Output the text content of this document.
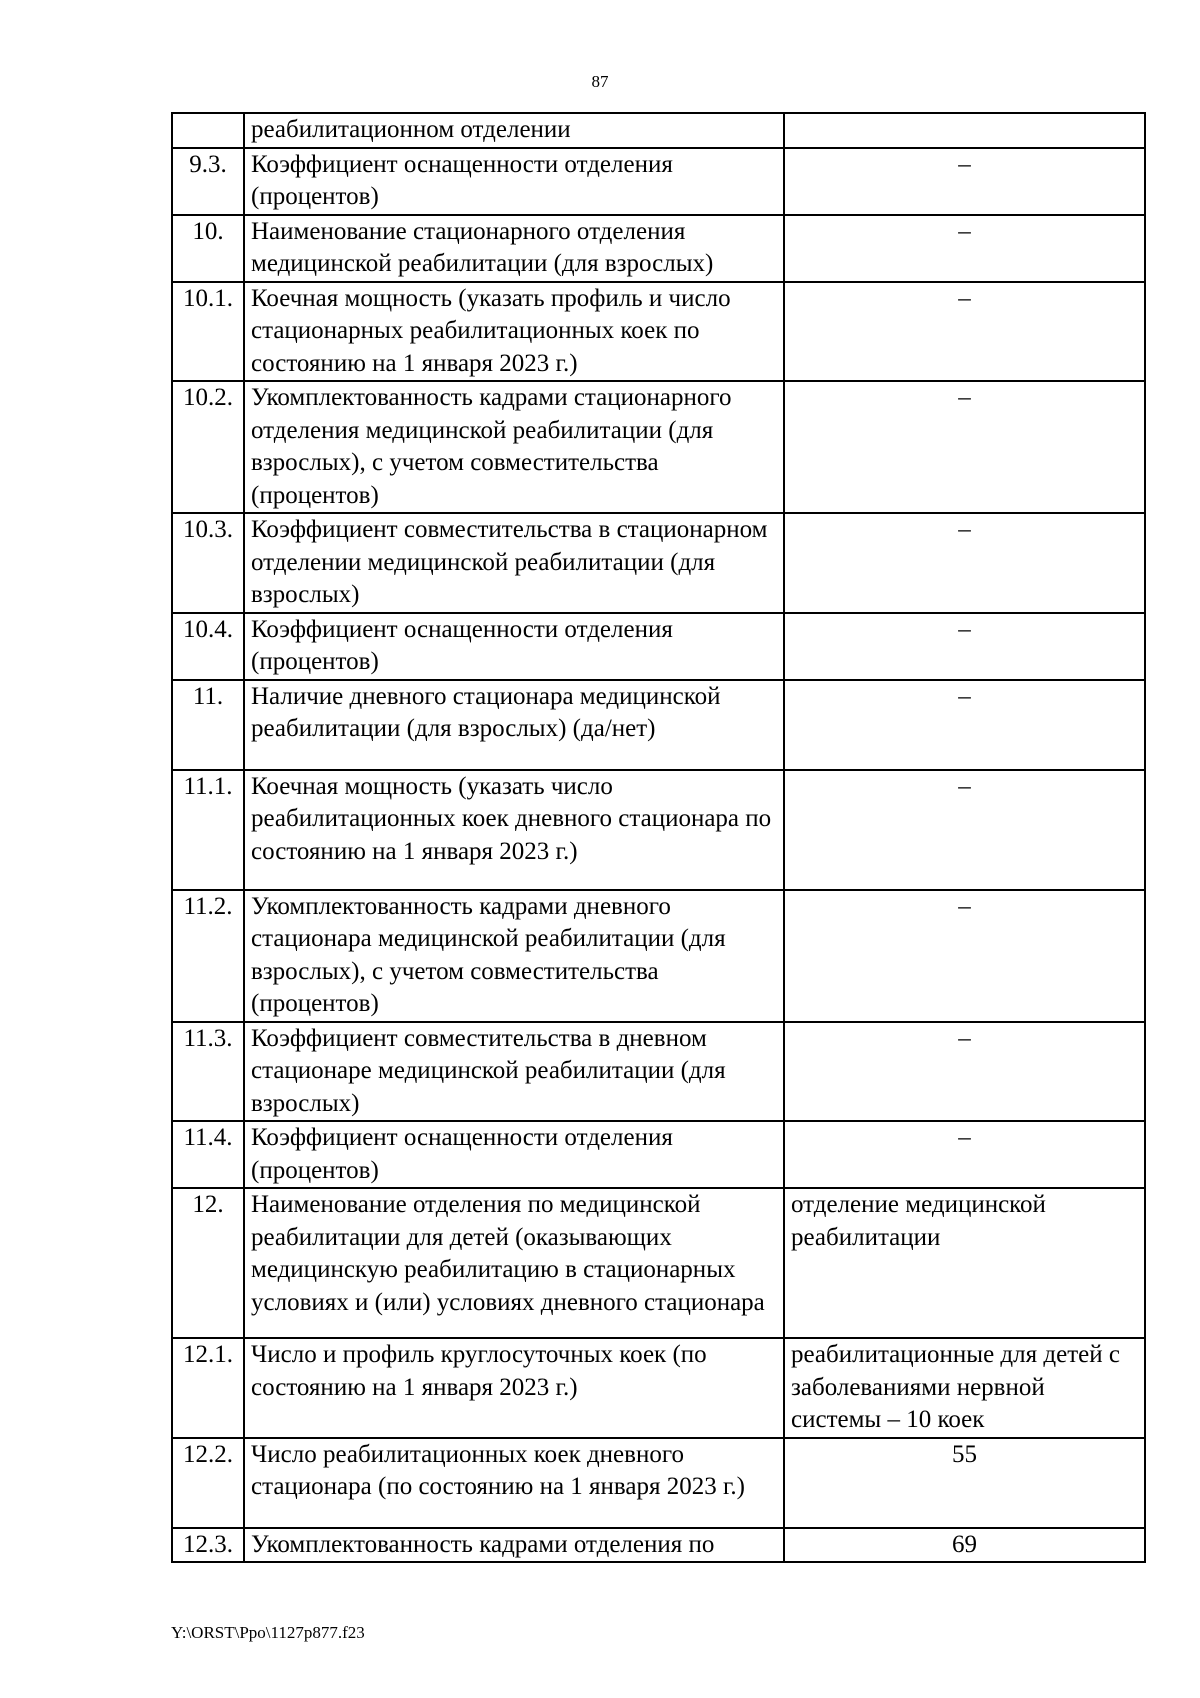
87
	реабилитационном отделении	
9.3.	Коэффициент оснащенности отделения (процентов)	–
10.	Наименование стационарного отделения медицинской реабилитации (для взрослых)	–
10.1.	Коечная мощность (указать профиль и число стационарных реабилитационных коек по состоянию на 1 января 2023 г.)	–
10.2.	Укомплектованность кадрами стационарного отделения медицинской реабилитации (для взрослых), с учетом совместительства (процентов)	–
10.3.	Коэффициент совместительства в стационарном отделении медицинской реабилитации (для взрослых)	–
10.4.	Коэффициент оснащенности отделения (процентов)	–
11.	Наличие дневного стационара медицинской реабилитации (для взрослых) (да/нет)	–
11.1.	Коечная мощность (указать число реабилитационных коек дневного стационара по состоянию на 1 января 2023 г.)	–
11.2.	Укомплектованность кадрами дневного стационара медицинской реабилитации (для взрослых), с учетом совместительства (процентов)	–
11.3.	Коэффициент совместительства в дневном стационаре медицинской реабилитации (для взрослых)	–
11.4.	Коэффициент оснащенности отделения (процентов)	–
12.	Наименование отделения по медицинской реабилитации для детей (оказывающих медицинскую реабилитацию в стационарных условиях и (или) условиях дневного стационара	отделение медицинской реабилитации
12.1.	Число и профиль круглосуточных коек (по состоянию на 1 января 2023 г.)	реабилитационные для детей с заболеваниями нервной системы – 10 коек
12.2.	Число реабилитационных коек дневного стационара (по состоянию на 1 января 2023 г.)	55
12.3.	Укомплектованность кадрами отделения по	69
Y:\ORST\Ppo\1127p877.f23
